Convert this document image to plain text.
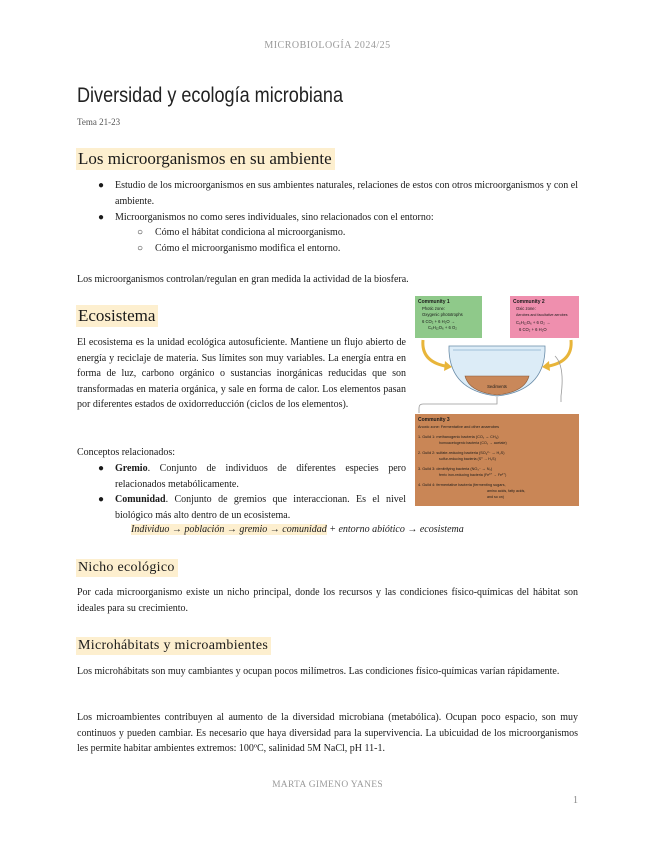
MICROBIOLOGÍA 2024/25
Diversidad y ecología microbiana
Tema 21-23
Los microorganismos en su ambiente
● Estudio de los microorganismos en sus ambientes naturales, relaciones de estos con otros microorganismos y con el ambiente.
● Microorganismos no como seres individuales, sino relacionados con el entorno:
○ Cómo el hábitat condiciona al microorganismo.
○ Cómo el microorganismo modifica el entorno.
Los microorganismos controlan/regulan en gran medida la actividad de la biosfera.
Ecosistema
El ecosistema es la unidad ecológica autosuficiente. Mantiene un flujo abierto de energía y reciclaje de materia. Sus límites son muy variables. La energía entra en forma de luz, carbono orgánico o sustancias inorgánicas reducidas que son transformadas en materia orgánica, y sale en forma de calor. Los elementos pasan por diferentes estados de oxidorreducción (ciclos de los elementos).
Conceptos relacionados:
● Gremio. Conjunto de individuos de diferentes especies pero relacionados metabólicamente.
● Comunidad. Conjunto de gremios que interaccionan. Es el nivel biológico más alto dentro de un ecosistema.
Individuo → población → gremio → comunidad + entorno abiótico → ecosistema
Community 1
Photic zone:
Oxygenic phototrophs
6 CO₂ + 6 H₂O →
C₆H₁₂O₆ + 6 O₂
Community 2
Oxic zone:
Aerobes and facultative aerobes
C₆H₁₂O₆ + 6 O₂ →
6 CO₂ + 6 H₂O
Sediments
Community 3
Anoxic zone: Fermentative and other anaerobes
1. Guild 1: methanogenic bacteria (CO₂ → CH₄)
homoacetogenic bacteria (CO₂ → acetate)
2. Guild 2: sulfate-reducing bacteria (SO₄²⁻ → H₂S)
sulfur-reducing bacteria (S⁰ → H₂S)
3. Guild 3: denitrifying bacteria (NO₃⁻ → N₂)
ferric iron-reducing bacteria (Fe³⁺ → Fe²⁺)
4. Guild 4: fermentative bacteria (fermenting sugars,
amino acids, fatty acids,
and so on)
Nicho ecológico
Por cada microorganismo existe un nicho principal, donde los recursos y las condiciones físico-químicas del hábitat son ideales para su crecimiento.
Microhábitats y microambientes
Los microhábitats son muy cambiantes y ocupan pocos milímetros. Las condiciones físico-químicas varían rápidamente.
Los microambientes contribuyen al aumento de la diversidad microbiana (metabólica). Ocupan poco espacio, son muy continuos y pueden cambiar. Es necesario que haya diversidad para la supervivencia. La ubicuidad de los microorganismos les permite habitar ambientes extremos: 100ºC, salinidad 5M NaCl, pH 11-1.
MARTA GIMENO YANES
1
